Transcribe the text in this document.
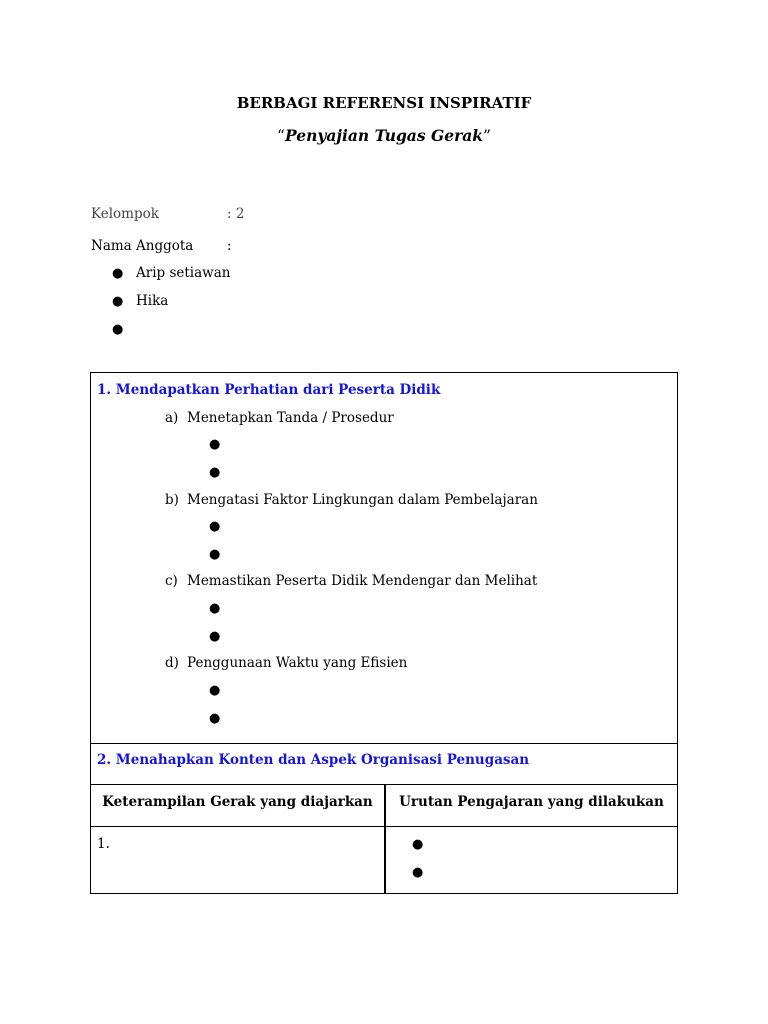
BERBAGI REFERENSI INSPIRATIF
“Penyajian Tugas Gerak”
Kelompok	: 2
Nama Anggota :
● Arip setiawan
● Hika
●
1. Mendapatkan Perhatian dari Peserta Didik
a) Menetapkan Tanda / Prosedur
●
●
b) Mengatasi Faktor Lingkungan dalam Pembelajaran
●
●
c) Memastikan Peserta Didik Mendengar dan Melihat
●
●
d) Penggunaan Waktu yang Efisien
●
●
2. Menahapkan Konten dan Aspek Organisasi Penugasan
Keterampilan Gerak yang diajarkan	Urutan Pengajaran yang dilakukan
1.	●
●
